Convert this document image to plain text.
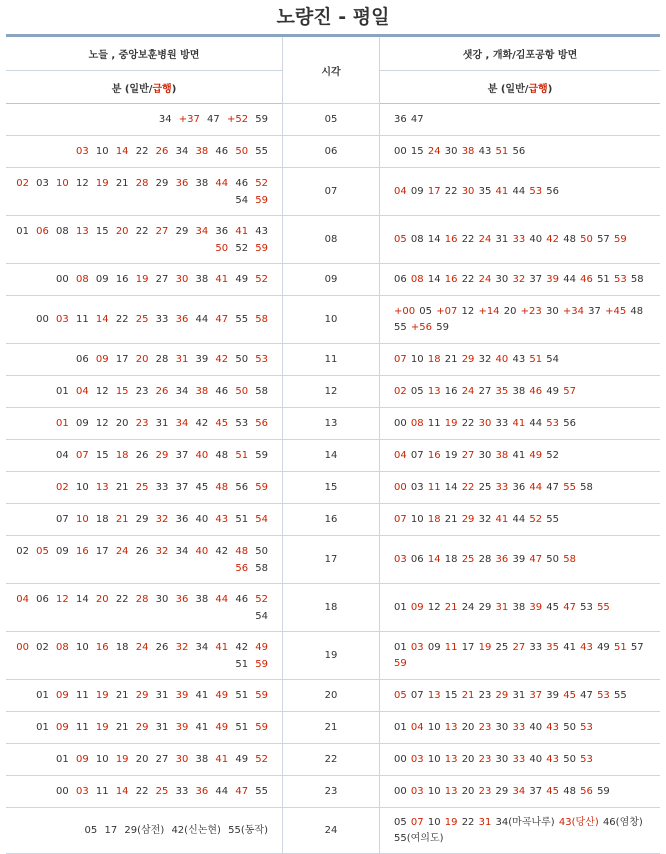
노량진 - 평일
노들 , 중앙보훈병원 방면	시각	샛강 , 개화/김포공항 방면
분 (일반/급행)		분 (일반/급행)
34 +37 47 +52 59	05	36 47
03 10 14 22 26 34 38 46 50 55	06	00 15 24 30 38 43 51 56
02 03 10 12 19 21 28 29 36 38 44 46 52 54 59	07	04 09 17 22 30 35 41 44 53 56
01 06 08 13 15 20 22 27 29 34 36 41 43 50 52 59	08	05 08 14 16 22 24 31 33 40 42 48 50 57 59
00 08 09 16 19 27 30 38 41 49 52	09	06 08 14 16 22 24 30 32 37 39 44 46 51 53 58
00 03 11 14 22 25 33 36 44 47 55 58	10	+00 05 +07 12 +14 20 +23 30 +34 37 +45 48 55 +56 59
06 09 17 20 28 31 39 42 50 53	11	07 10 18 21 29 32 40 43 51 54
01 04 12 15 23 26 34 38 46 50 58	12	02 05 13 16 24 27 35 38 46 49 57
01 09 12 20 23 31 34 42 45 53 56	13	00 08 11 19 22 30 33 41 44 53 56
04 07 15 18 26 29 37 40 48 51 59	14	04 07 16 19 27 30 38 41 49 52
02 10 13 21 25 33 37 45 48 56 59	15	00 03 11 14 22 25 33 36 44 47 55 58
07 10 18 21 29 32 36 40 43 51 54	16	07 10 18 21 29 32 41 44 52 55
02 05 09 16 17 24 26 32 34 40 42 48 50 56 58	17	03 06 14 18 25 28 36 39 47 50 58
04 06 12 14 20 22 28 30 36 38 44 46 52 54	18	01 09 12 21 24 29 31 38 39 45 47 53 55
00 02 08 10 16 18 24 26 32 34 41 42 49 51 59	19	01 03 09 11 17 19 25 27 33 35 41 43 49 51 57 59
01 09 11 19 21 29 31 39 41 49 51 59	20	05 07 13 15 21 23 29 31 37 39 45 47 53 55
01 09 11 19 21 29 31 39 41 49 51 59	21	01 04 10 13 20 23 30 33 40 43 50 53
01 09 10 19 20 27 30 38 41 49 52	22	00 03 10 13 20 23 30 33 40 43 50 53
00 03 11 14 22 25 33 36 44 47 55	23	00 03 10 13 20 23 29 34 37 45 48 56 59
05 17 29(삼전) 42(신논현) 55(동작)	24	05 07 10 19 22 31 34(마곡나루) 43(당산) 46(염창) 55(여의도)
